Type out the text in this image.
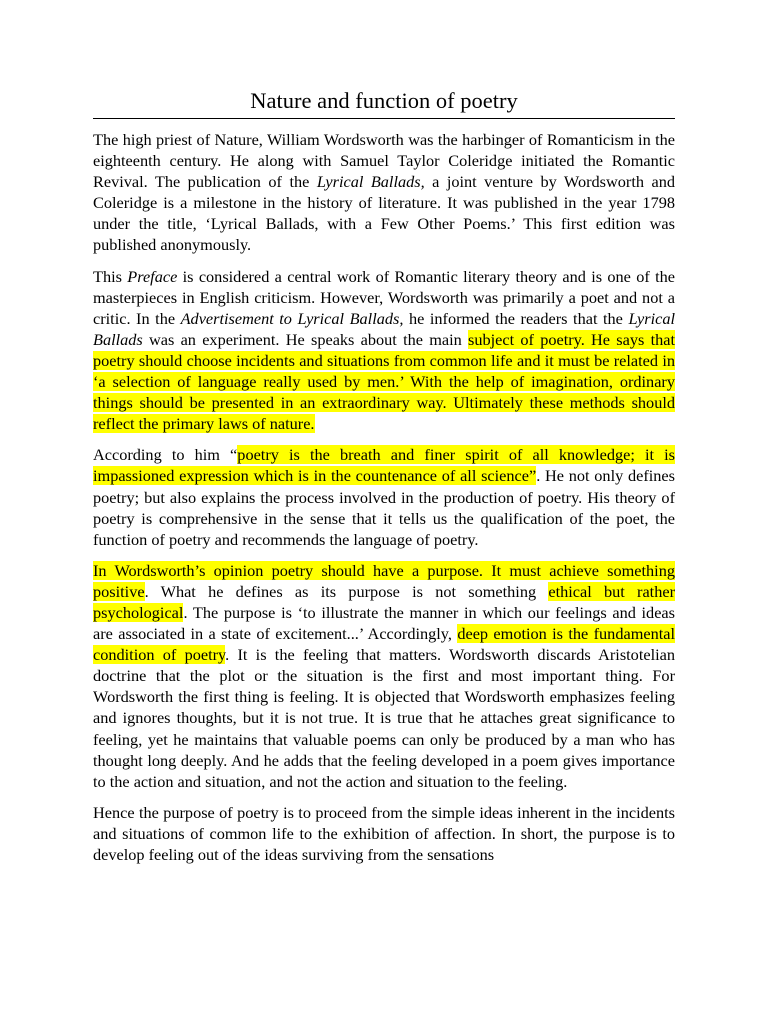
Nature and function of poetry

The high priest of Nature, William Wordsworth was the harbinger of Romanticism in the eighteenth century. He along with Samuel Taylor Coleridge initiated the Romantic Revival. The publication of the Lyrical Ballads, a joint venture by Wordsworth and Coleridge is a milestone in the history of literature. It was published in the year 1798 under the title, ‘Lyrical Ballads, with a Few Other Poems.’ This first edition was published anonymously.

This Preface is considered a central work of Romantic literary theory and is one of the masterpieces in English criticism. However, Wordsworth was primarily a poet and not a critic. In the Advertisement to Lyrical Ballads, he informed the readers that the Lyrical Ballads was an experiment. He speaks about the main subject of poetry. He says that poetry should choose incidents and situations from common life and it must be related in ‘a selection of language really used by men.’ With the help of imagination, ordinary things should be presented in an extraordinary way. Ultimately these methods should reflect the primary laws of nature.

According to him “poetry is the breath and finer spirit of all knowledge; it is impassioned expression which is in the countenance of all science”. He not only defines poetry; but also explains the process involved in the production of poetry. His theory of poetry is comprehensive in the sense that it tells us the qualification of the poet, the function of poetry and recommends the language of poetry.

In Wordsworth’s opinion poetry should have a purpose. It must achieve something positive. What he defines as its purpose is not something ethical but rather psychological. The purpose is ‘to illustrate the manner in which our feelings and ideas are associated in a state of excitement...’ Accordingly, deep emotion is the fundamental condition of poetry. It is the feeling that matters. Wordsworth discards Aristotelian doctrine that the plot or the situation is the first and most important thing. For Wordsworth the first thing is feeling. It is objected that Wordsworth emphasizes feeling and ignores thoughts, but it is not true. It is true that he attaches great significance to feeling, yet he maintains that valuable poems can only be produced by a man who has thought long deeply. And he adds that the feeling developed in a poem gives importance to the action and situation, and not the action and situation to the feeling.

Hence the purpose of poetry is to proceed from the simple ideas inherent in the incidents and situations of common life to the exhibition of affection. In short, the purpose is to develop feeling out of the ideas surviving from the sensations
